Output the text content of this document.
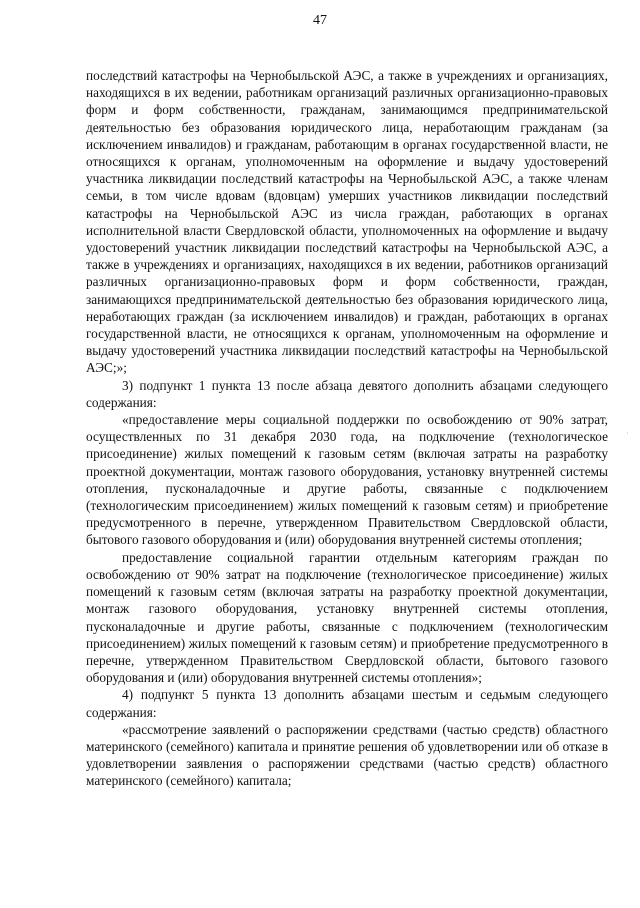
47

последствий катастрофы на Чернобыльской АЭС, а также в учреждениях и организациях, находящихся в их ведении, работникам организаций различных организационно-правовых форм и форм собственности, гражданам, занимающимся предпринимательской деятельностью без образования юридического лица, неработающим гражданам (за исключением инвалидов) и гражданам, работающим в органах государственной власти, не относящихся к органам, уполномоченным на оформление и выдачу удостоверений участника ликвидации последствий катастрофы на Чернобыльской АЭС, а также членам семьи, в том числе вдовам (вдовцам) умерших участников ликвидации последствий катастрофы на Чернобыльской АЭС из числа граждан, работающих в органах исполнительной власти Свердловской области, уполномоченных на оформление и выдачу удостоверений участник ликвидации последствий катастрофы на Чернобыльской АЭС, а также в учреждениях и организациях, находящихся в их ведении, работников организаций различных организационно-правовых форм и форм собственности, граждан, занимающихся предпринимательской деятельностью без образования юридического лица, неработающих граждан (за исключением инвалидов) и граждан, работающих в органах государственной власти, не относящихся к органам, уполномоченным на оформление и выдачу удостоверений участника ликвидации последствий катастрофы на Чернобыльской АЭС;»;

3) подпункт 1 пункта 13 после абзаца девятого дополнить абзацами следующего содержания:

«предоставление меры социальной поддержки по освобождению от 90% затрат, осуществленных по 31 декабря 2030 года, на подключение (технологическое присоединение) жилых помещений к газовым сетям (включая затраты на разработку проектной документации, монтаж газового оборудования, установку внутренней системы отопления, пусконаладочные и другие работы, связанные с подключением (технологическим присоединением) жилых помещений к газовым сетям) и приобретение предусмотренного в перечне, утвержденном Правительством Свердловской области, бытового газового оборудования и (или) оборудования внутренней системы отопления;

предоставление социальной гарантии отдельным категориям граждан по освобождению от 90% затрат на подключение (технологическое присоединение) жилых помещений к газовым сетям (включая затраты на разработку проектной документации, монтаж газового оборудования, установку внутренней системы отопления, пусконаладочные и другие работы, связанные с подключением (технологическим присоединением) жилых помещений к газовым сетям) и приобретение предусмотренного в перечне, утвержденном Правительством Свердловской области, бытового газового оборудования и (или) оборудования внутренней системы отопления»;

4) подпункт 5 пункта 13 дополнить абзацами шестым и седьмым следующего содержания:

«рассмотрение заявлений о распоряжении средствами (частью средств) областного материнского (семейного) капитала и принятие решения об удовлетворении или об отказе в удовлетворении заявления о распоряжении средствами (частью средств) областного материнского (семейного) капитала;

·
